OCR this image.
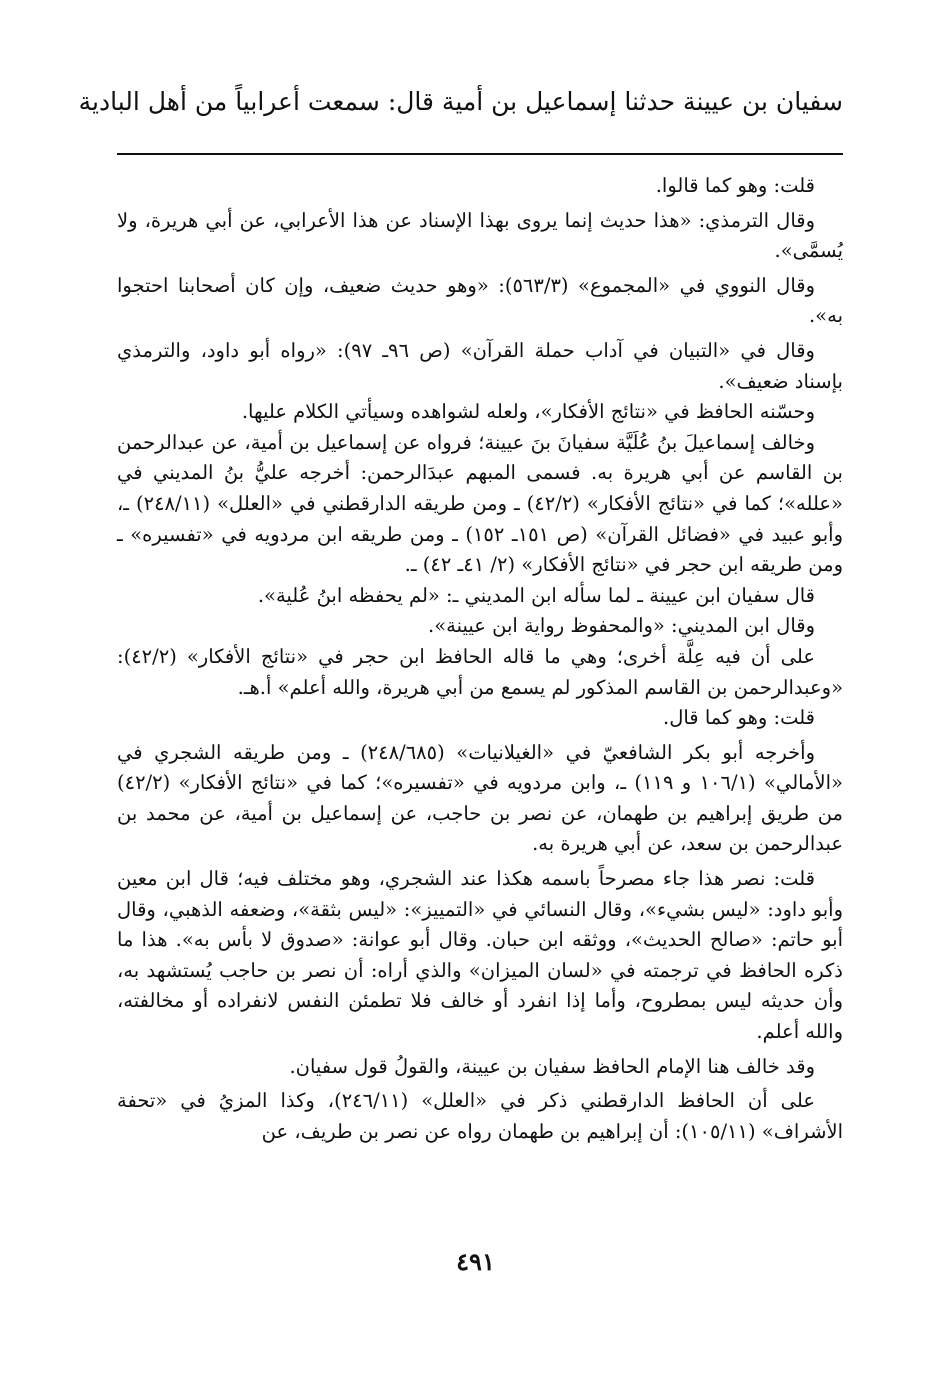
سفيان بن عيينة حدثنا إسماعيل بن أمية قال: سمعت أعرابياً من أهل البادية

قلت: وهو كما قالوا.

وقال الترمذي: «هذا حديث إنما يروى بهذا الإسناد عن هذا الأعرابي، عن أبي هريرة، ولا يُسمَّى».

وقال النووي في «المجموع» (٥٦٣/٣): «وهو حديث ضعيف، وإن كان أصحابنا احتجوا به».

وقال في «التبيان في آداب حملة القرآن» (ص ٩٦ـ ٩٧): «رواه أبو داود، والترمذي بإسناد ضعيف».

وحسّنه الحافظ في «نتائج الأفكار»، ولعله لشواهده وسيأتي الكلام عليها.

وخالف إسماعيلَ بنُ عُلَيَّة سفيانَ بنَ عيينة؛ فرواه عن إسماعيل بن أمية، عن عبدالرحمن بن القاسم عن أبي هريرة به. فسمى المبهم عبدَالرحمن: أخرجه عليُّ بنُ المديني في «علله»؛ كما في «نتائج الأفكار» (٤٢/٢) ـ ومن طريقه الدارقطني في «العلل» (٢٤٨/١١) ـ، وأبو عبيد في «فضائل القرآن» (ص ١٥١ـ ١٥٢) ـ ومن طريقه ابن مردويه في «تفسيره» ـ ومن طريقه ابن حجر في «نتائج الأفكار» (٢/ ٤١ـ ٤٢) ـ.

قال سفيان ابن عيينة ـ لما سأله ابن المديني ـ: «لم يحفظه ابنُ عُلية».

وقال ابن المديني: «والمحفوظ رواية ابن عيينة».

على أن فيه عِلَّة أخرى؛ وهي ما قاله الحافظ ابن حجر في «نتائج الأفكار» (٤٢/٢): «وعبدالرحمن بن القاسم المذكور لم يسمع من أبي هريرة، والله أعلم» أ.هـ.

قلت: وهو كما قال.

وأخرجه أبو بكر الشافعيّ في «الغيلانيات» (٢٤٨/٦٨٥) ـ ومن طريقه الشجري في «الأمالي» (١٠٦/١ و ١١٩) ـ، وابن مردويه في «تفسيره»؛ كما في «نتائج الأفكار» (٤٢/٢) من طريق إبراهيم بن طهمان، عن نصر بن حاجب، عن إسماعيل بن أمية، عن محمد بن عبدالرحمن بن سعد، عن أبي هريرة به.

قلت: نصر هذا جاء مصرحاً باسمه هكذا عند الشجري، وهو مختلف فيه؛ قال ابن معين وأبو داود: «ليس بشيء»، وقال النسائي في «التمييز»: «ليس بثقة»، وضعفه الذهبي، وقال أبو حاتم: «صالح الحديث»، ووثقه ابن حبان. وقال أبو عوانة: «صدوق لا بأس به». هذا ما ذكره الحافظ في ترجمته في «لسان الميزان» والذي أراه: أن نصر بن حاجب يُستشهد به، وأن حديثه ليس بمطروح، وأما إذا انفرد أو خالف فلا تطمئن النفس لانفراده أو مخالفته، والله أعلم.

وقد خالف هنا الإمام الحافظ سفيان بن عيينة، والقولُ قول سفيان.

على أن الحافظ الدارقطني ذكر في «العلل» (٢٤٦/١١)، وكذا المزيُ في «تحفة الأشراف» (١٠٥/١١): أن إبراهيم بن طهمان رواه عن نصر بن طريف، عن

٤٩١
